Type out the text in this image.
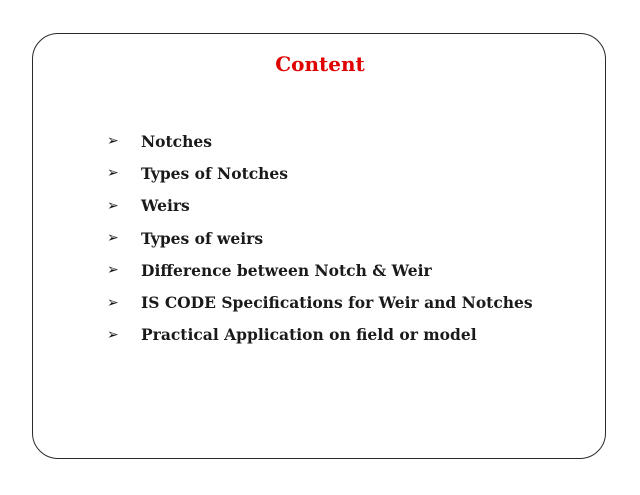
Content
➢	Notches
➢	Types of Notches
➢	Weirs
➢	Types of weirs
➢	Difference between Notch & Weir
➢	IS CODE Specifications for Weir and Notches
➢	Practical Application on field or model
